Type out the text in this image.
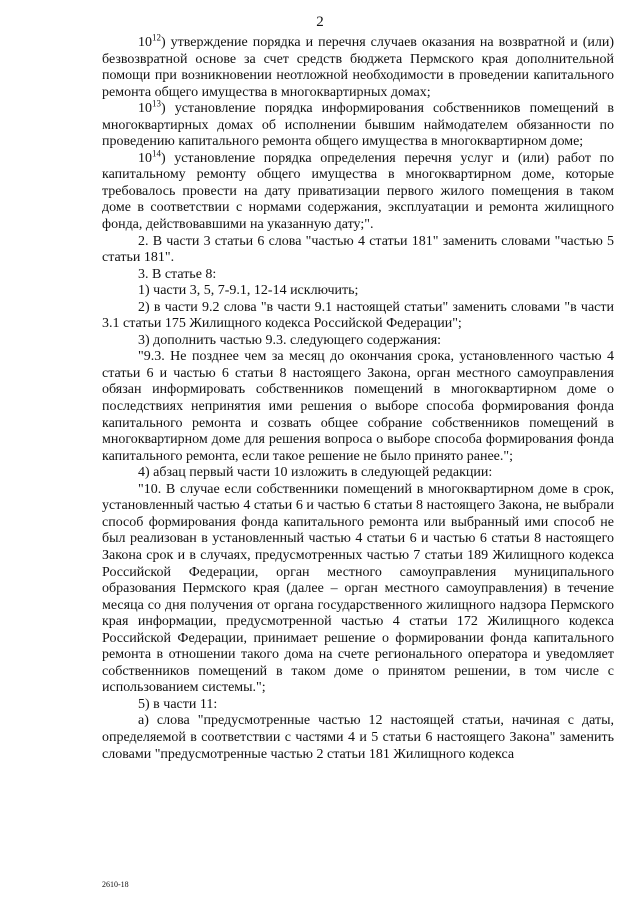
2

$10^{12}$) утверждение порядка и перечня случаев оказания на возвратной и (или) безвозвратной основе за счет средств бюджета Пермского края дополнительной помощи при возникновении неотложной необходимости в проведении капитального ремонта общего имущества в многоквартирных домах;

$10^{13}$) установление порядка информирования собственников помещений в многоквартирных домах об исполнении бывшим наймодателем обязанности по проведению капитального ремонта общего имущества в многоквартирном доме;

$10^{14}$) установление порядка определения перечня услуг и (или) работ по капитальному ремонту общего имущества в многоквартирном доме, которые требовалось провести на дату приватизации первого жилого помещения в таком доме в соответствии с нормами содержания, эксплуатации и ремонта жилищного фонда, действовавшими на указанную дату;".

2. В части 3 статьи 6 слова "частью 4 статьи 181" заменить словами "частью 5 статьи 181".

3. В статье 8:

1) части 3, 5, 7-9.1, 12-14 исключить;

2) в части 9.2 слова "в части 9.1 настоящей статьи" заменить словами "в части 3.1 статьи 175 Жилищного кодекса Российской Федерации";

3) дополнить частью 9.3. следующего содержания:

"9.3. Не позднее чем за месяц до окончания срока, установленного частью 4 статьи 6 и частью 6 статьи 8 настоящего Закона, орган местного самоуправления обязан информировать собственников помещений в многоквартирном доме о последствиях непринятия ими решения о выборе способа формирования фонда капитального ремонта и созвать общее собрание собственников помещений в многоквартирном доме для решения вопроса о выборе способа формирования фонда капитального ремонта, если такое решение не было принято ранее.";

4) абзац первый части 10 изложить в следующей редакции:

"10. В случае если собственники помещений в многоквартирном доме в срок, установленный частью 4 статьи 6 и частью 6 статьи 8 настоящего Закона, не выбрали способ формирования фонда капитального ремонта или выбранный ими способ не был реализован в установленный частью 4 статьи 6 и частью 6 статьи 8 настоящего Закона срок и в случаях, предусмотренных частью 7 статьи 189 Жилищного кодекса Российской Федерации, орган местного самоуправления муниципального образования Пермского края (далее – орган местного самоуправления) в течение месяца со дня получения от органа государственного жилищного надзора Пермского края информации, предусмотренной частью 4 статьи 172 Жилищного кодекса Российской Федерации, принимает решение о формировании фонда капитального ремонта в отношении такого дома на счете регионального оператора и уведомляет собственников помещений в таком доме о принятом решении, в том числе с использованием системы.";

5) в части 11:

а) слова "предусмотренные частью 12 настоящей статьи, начиная с даты, определяемой в соответствии с частями 4 и 5 статьи 6 настоящего Закона" заменить словами "предусмотренные частью 2 статьи 181 Жилищного кодекса

2610-18
